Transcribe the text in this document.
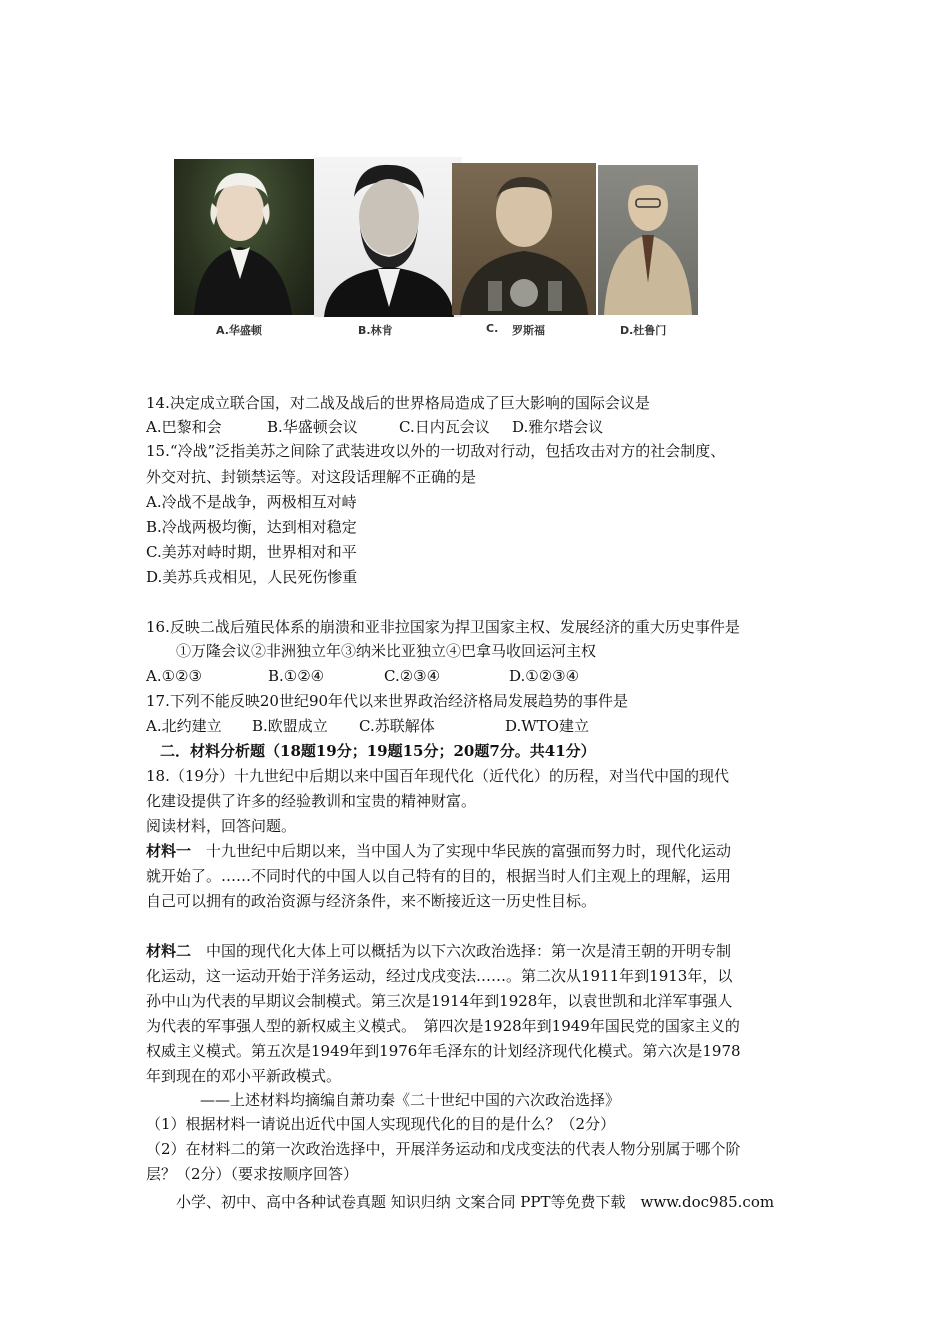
A.华盛顿	B.林肯	C. 罗斯福	D.杜鲁门
14.决定成立联合国，对二战及战后的世界格局造成了巨大影响的国际会议是
A.巴黎和会	B.华盛顿会议	C.日内瓦会议 D.雅尔塔会议
15.“冷战”泛指美苏之间除了武装进攻以外的一切敌对行动，包括攻击对方的社会制度、
外交对抗、封锁禁运等。对这段话理解不正确的是
A.冷战不是战争，两极相互对峙
B.冷战两极均衡，达到相对稳定
C.美苏对峙时期，世界相对和平
D.美苏兵戎相见，人民死伤惨重
16.反映二战后殖民体系的崩溃和亚非拉国家为捍卫国家主权、发展经济的重大历史事件是
①万隆会议②非洲独立年③纳米比亚独立④巴拿马收回运河主权
A.①②③	B.①②④	C.②③④	D.①②③④
17.下列不能反映20世纪90年代以来世界政治经济格局发展趋势的事件是
A.北约建立 B.欧盟成立 C.苏联解体	D.WTO建立
二．材料分析题（18题19分；19题15分；20题7分。共41分）
18.（19分）十九世纪中后期以来中国百年现代化（近代化）的历程，对当代中国的现代
化建设提供了许多的经验教训和宝贵的精神财富。
阅读材料，回答问题。
材料一　十九世纪中后期以来，当中国人为了实现中华民族的富强而努力时，现代化运动
就开始了。……不同时代的中国人以自己特有的目的，根据当时人们主观上的理解，运用
自己可以拥有的政治资源与经济条件，来不断接近这一历史性目标。
材料二　中国的现代化大体上可以概括为以下六次政治选择：第一次是清王朝的开明专制
化运动，这一运动开始于洋务运动，经过戊戌变法……。第二次从1911年到1913年，以
孙中山为代表的早期议会制模式。第三次是1914年到1928年，以袁世凯和北洋军事强人
为代表的军事强人型的新权威主义模式。　第四次是1928年到1949年国民党的国家主义的
权威主义模式。第五次是1949年到1976年毛泽东的计划经济现代化模式。第六次是1978
年到现在的邓小平新政模式。
——上述材料均摘编自萧功秦《二十世纪中国的六次政治选择》
（1）根据材料一请说出近代中国人实现现代化的目的是什么？（2分）
（2）在材料二的第一次政治选择中，开展洋务运动和戊戌变法的代表人物分别属于哪个阶
层？（2分）（要求按顺序回答）
小学、初中、高中各种试卷真题 知识归纳 文案合同 PPT等免费下载　www.doc985.com
